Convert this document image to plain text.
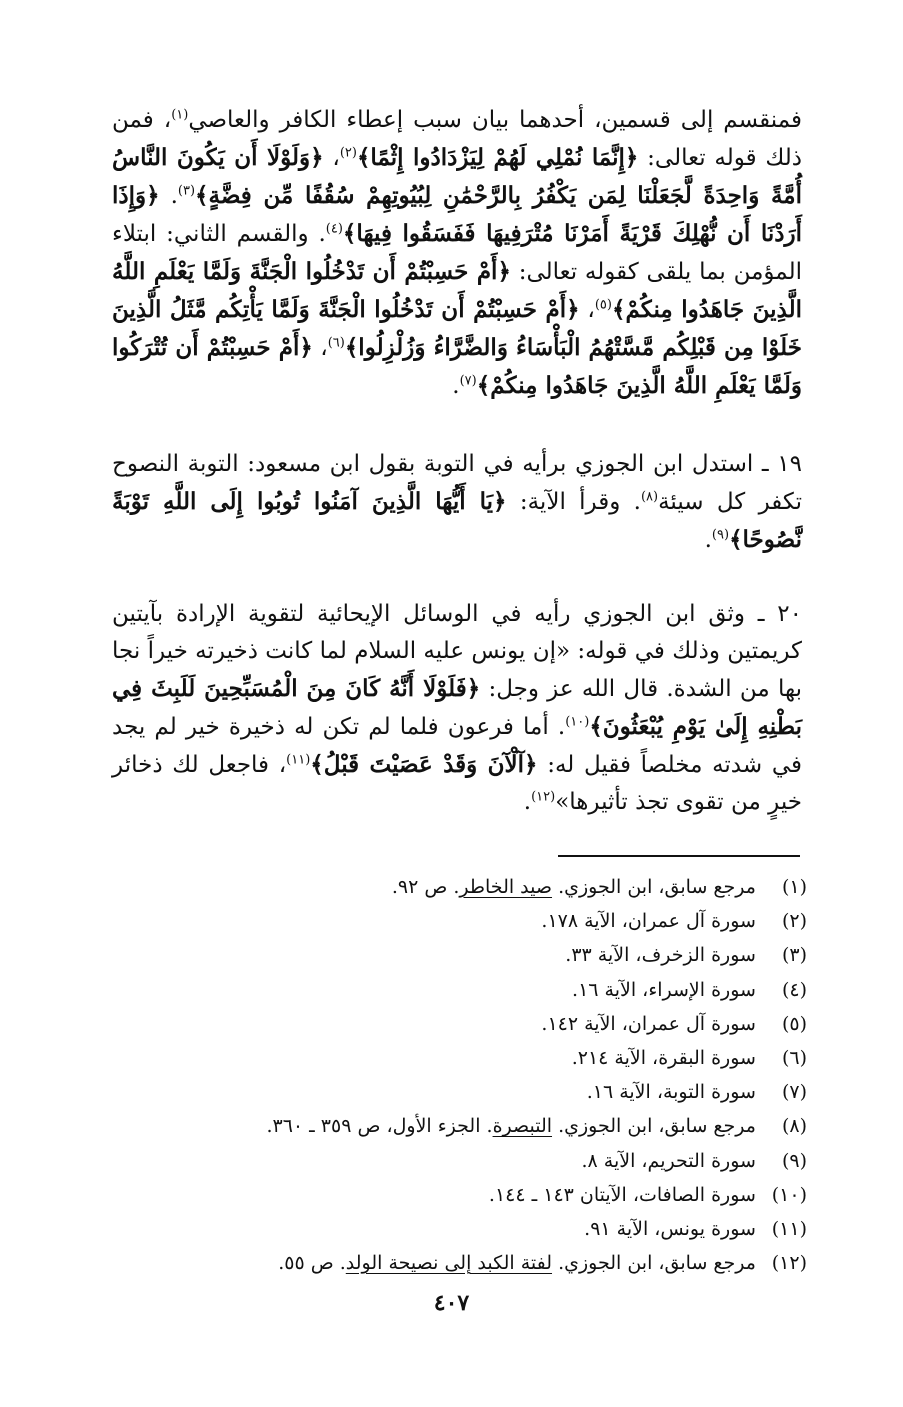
فمنقسم إلى قسمين، أحدهما بيان سبب إعطاء الكافر والعاصي$^{(١)}$، فمن ذلك قوله تعالى: ﴿إِنَّمَا نُمْلِي لَهُمْ لِيَزْدَادُوا إِثْمًا﴾$^{(٢)}$، ﴿وَلَوْلَا أَن يَكُونَ النَّاسُ أُمَّةً وَاحِدَةً لَّجَعَلْنَا لِمَن يَكْفُرُ بِالرَّحْمَٰنِ لِبُيُوتِهِمْ سُقُفًا مِّن فِضَّةٍ﴾$^{(٣)}$. ﴿وَإِذَا أَرَدْنَا أَن نُّهْلِكَ قَرْيَةً أَمَرْنَا مُتْرَفِيهَا فَفَسَقُوا فِيهَا﴾$^{(٤)}$. والقسم الثاني: ابتلاء المؤمن بما يلقى كقوله تعالى: ﴿أَمْ حَسِبْتُمْ أَن تَدْخُلُوا الْجَنَّةَ وَلَمَّا يَعْلَمِ اللَّهُ الَّذِينَ جَاهَدُوا مِنكُمْ﴾$^{(٥)}$، ﴿أَمْ حَسِبْتُمْ أَن تَدْخُلُوا الْجَنَّةَ وَلَمَّا يَأْتِكُم مَّثَلُ الَّذِينَ خَلَوْا مِن قَبْلِكُم مَّسَّتْهُمُ الْبَأْسَاءُ وَالضَّرَّاءُ وَزُلْزِلُوا﴾$^{(٦)}$، ﴿أَمْ حَسِبْتُمْ أَن تُتْرَكُوا وَلَمَّا يَعْلَمِ اللَّهُ الَّذِينَ جَاهَدُوا مِنكُمْ﴾$^{(٧)}$.
١٩ ـ استدل ابن الجوزي برأيه في التوبة بقول ابن مسعود: التوبة النصوح تكفر كل سيئة$^{(٨)}$. وقرأ الآية: ﴿يَا أَيُّهَا الَّذِينَ آمَنُوا تُوبُوا إِلَى اللَّهِ تَوْبَةً نَّصُوحًا﴾$^{(٩)}$.
٢٠ ـ وثق ابن الجوزي رأيه في الوسائل الإيحائية لتقوية الإرادة بآيتين كريمتين وذلك في قوله: «إن يونس عليه السلام لما كانت ذخيرته خيراً نجا بها من الشدة. قال الله عز وجل: ﴿فَلَوْلَا أَنَّهُ كَانَ مِنَ الْمُسَبِّحِينَ لَلَبِثَ فِي بَطْنِهِ إِلَىٰ يَوْمِ يُبْعَثُونَ﴾$^{(١٠)}$. أما فرعون فلما لم تكن له ذخيرة خير لم يجد في شدته مخلصاً فقيل له: ﴿آلْآنَ وَقَدْ عَصَيْتَ قَبْلُ﴾$^{(١١)}$، فاجعل لك ذخائر خيرٍ من تقوى تجذ تأثيرها»$^{(١٢)}$.
(١) مرجع سابق، ابن الجوزي. صيد الخاطر. ص ٩٢.
(٢) سورة آل عمران، الآية ١٧٨.
(٣) سورة الزخرف، الآية ٣٣.
(٤) سورة الإسراء، الآية ١٦.
(٥) سورة آل عمران، الآية ١٤٢.
(٦) سورة البقرة، الآية ٢١٤.
(٧) سورة التوبة، الآية ١٦.
(٨) مرجع سابق، ابن الجوزي. التبصرة. الجزء الأول، ص ٣٥٩ ـ ٣٦٠.
(٩) سورة التحريم، الآية ٨.
(١٠) سورة الصافات، الآيتان ١٤٣ ـ ١٤٤.
(١١) سورة يونس، الآية ٩١.
(١٢) مرجع سابق، ابن الجوزي. لفتة الكبد إلى نصيحة الولد. ص ٥٥.
٤٠٧
